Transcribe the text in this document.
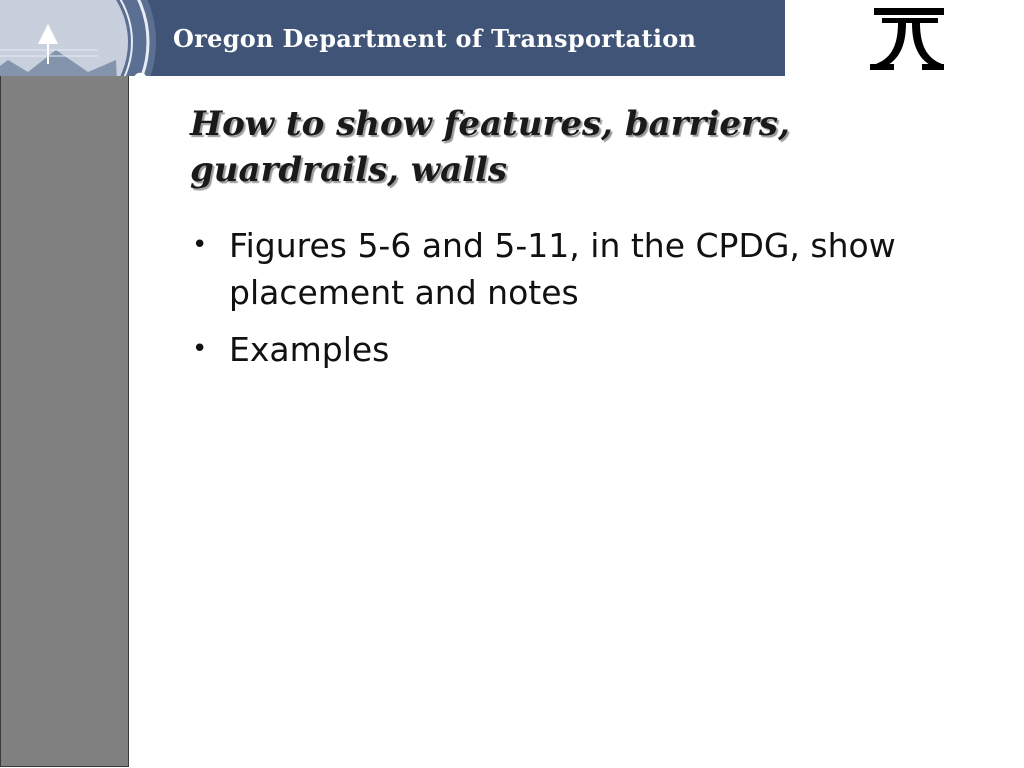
GON
Oregon Department of Transportation
How to show features, barriers, guardrails, walls
• Figures 5-6 and 5-11, in the CPDG, show placement and notes
• Examples
